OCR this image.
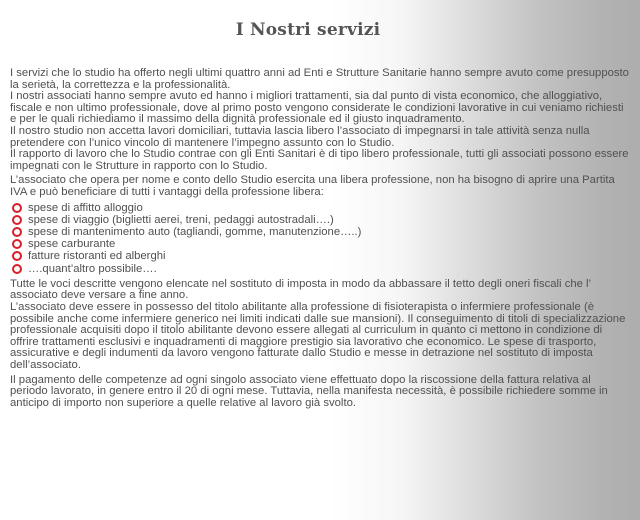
I Nostri servizi

I servizi che lo studio ha offerto negli ultimi quattro anni ad Enti e Strutture Sanitarie hanno sempre avuto come presupposto la serietà, la correttezza e la professionalità.

I nostri associati hanno sempre avuto ed hanno i migliori trattamenti, sia dal punto di vista economico, che alloggiativo, fiscale e non ultimo professionale, dove al primo posto vengono considerate le condizioni lavorative in cui veniamo richiesti e per le quali richiediamo il massimo della dignità professionale ed il giusto inquadramento.

Il nostro studio non accetta lavori domiciliari, tuttavia lascia libero l’associato di impegnarsi in tale attività senza nulla pretendere con l’unico vincolo di mantenere l’impegno assunto con lo Studio.

Il rapporto di lavoro che lo Studio contrae con gli Enti Sanitari è di tipo libero professionale, tutti gli associati possono essere impegnati con le Strutture in rapporto con lo Studio.

L’associato che opera per nome e conto dello Studio esercita una libera professione, non ha bisogno di aprire una Partita IVA e può beneficiare di tutti i vantaggi della professione libera:

spese di affitto alloggio
spese di viaggio (biglietti aerei, treni, pedaggi autostradali….)
spese di mantenimento auto (tagliandi, gomme, manutenzione…..)
spese carburante
fatture ristoranti ed alberghi
….quant’altro possibile….

Tutte le voci descritte vengono elencate nel sostituto di imposta in modo da abbassare il tetto degli oneri fiscali che l’ associato deve versare a fine anno.

L’associato deve essere in possesso del titolo abilitante alla professione di fisioterapista o infermiere professionale (è possibile anche come infermiere generico nei limiti indicati dalle sue mansioni). Il conseguimento di titoli di specializzazione professionale acquisiti dopo il titolo abilitante devono essere allegati al curriculum in quanto ci mettono in condizione di offrire trattamenti esclusivi e inquadramenti di maggiore prestigio sia lavorativo che economico. Le spese di trasporto, assicurative e degli indumenti da lavoro vengono fatturate dallo Studio e messe in detrazione nel sostituto di imposta dell’associato.

Il pagamento delle competenze ad ogni singolo associato viene effettuato dopo la riscossione della fattura relativa al periodo lavorato, in genere entro il 20 di ogni mese. Tuttavia, nella manifesta necessità, è possibile richiedere somme in anticipo di importo non superiore a quelle relative al lavoro già svolto.
